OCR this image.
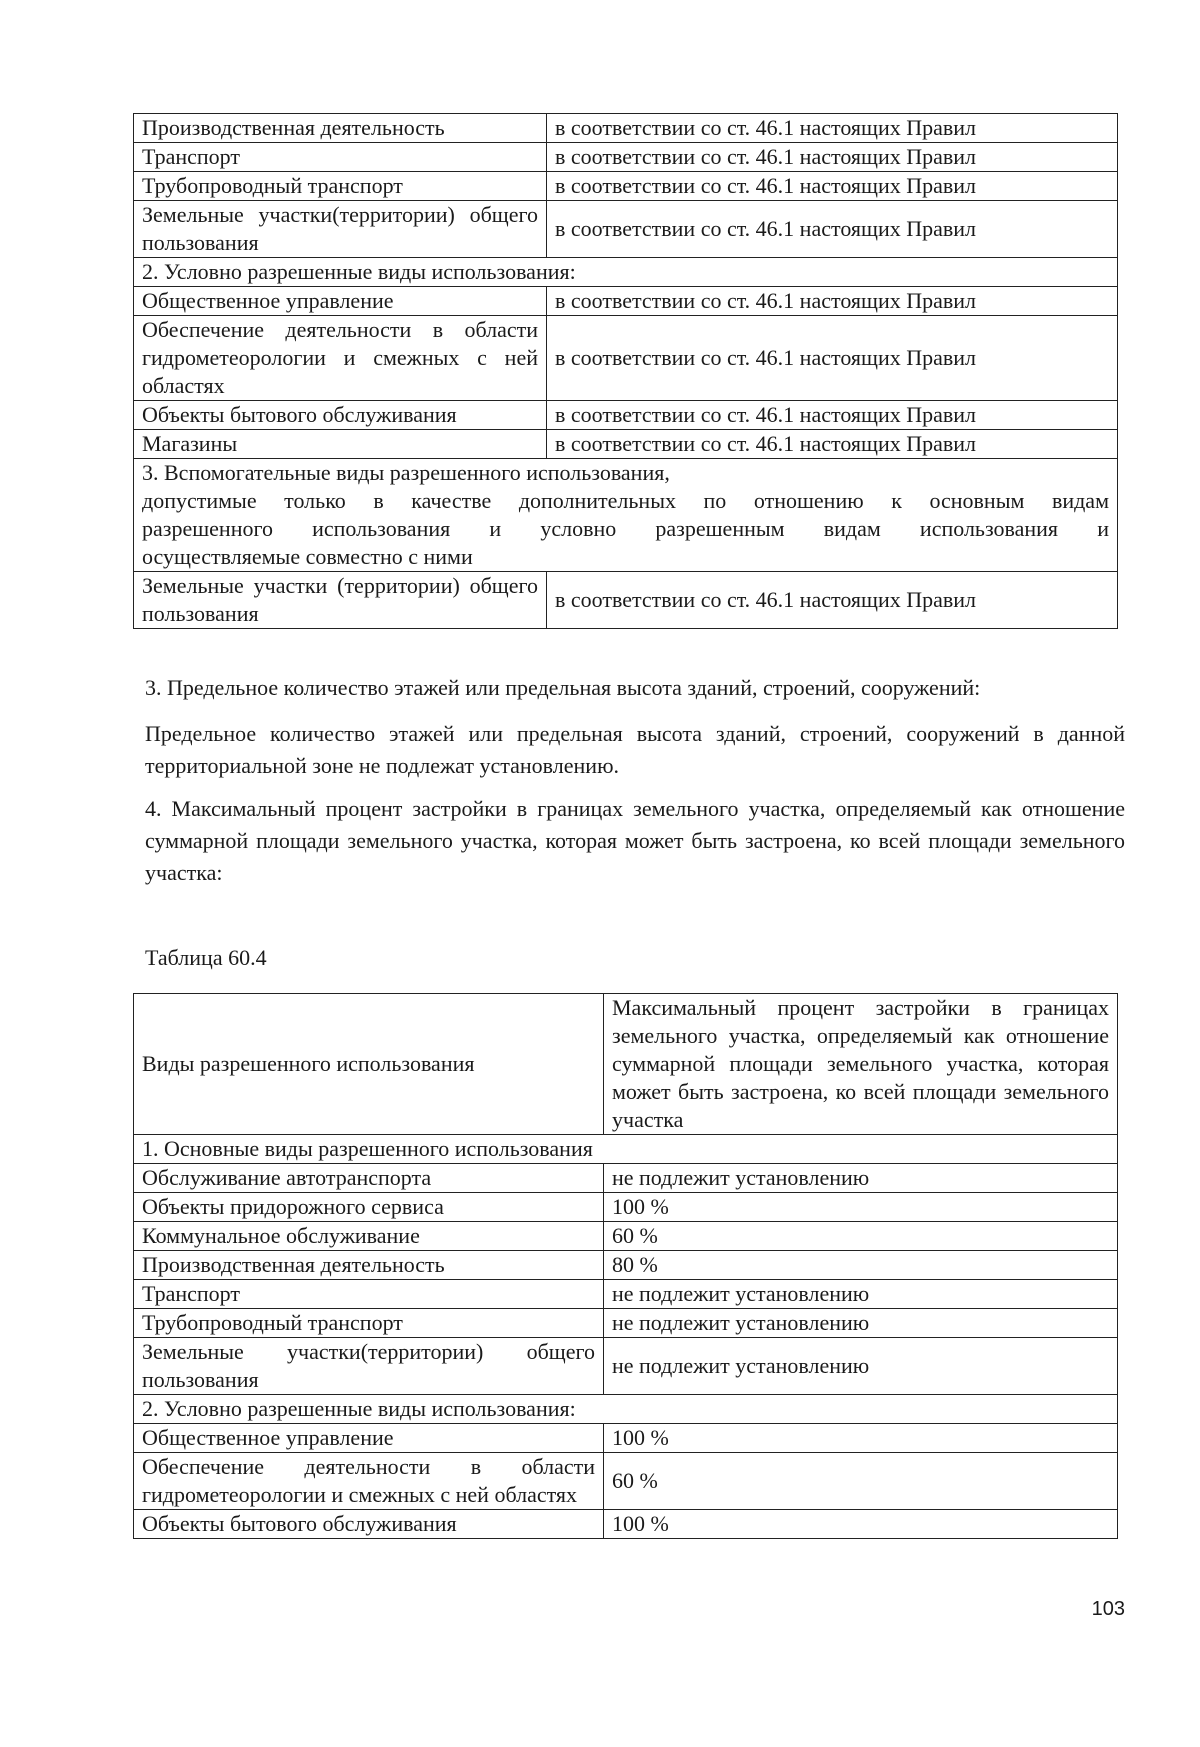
Производственная деятельность	в соответствии со ст. 46.1 настоящих Правил
Транспорт	в соответствии со ст. 46.1 настоящих Правил
Трубопроводный транспорт	в соответствии со ст. 46.1 настоящих Правил
Земельные участки(территории) общего пользования	в соответствии со ст. 46.1 настоящих Правил
2. Условно разрешенные виды использования:	
Общественное управление	в соответствии со ст. 46.1 настоящих Правил
Обеспечение деятельности в области гидрометеорологии и смежных с ней областях	в соответствии со ст. 46.1 настоящих Правил
Объекты бытового обслуживания	в соответствии со ст. 46.1 настоящих Правил
Магазины	в соответствии со ст. 46.1 настоящих Правил

3. Вспомогательные виды разрешенного использования,
допустимые только в качестве дополнительных по отношению к основным видам
разрешенного использования и условно разрешенным видам использования и
осуществляемые совместно с ними	

Земельные участки (территории) общего пользования	в соответствии со ст. 46.1 настоящих Правил
3. Предельное количество этажей или предельная высота зданий, строений, сооружений:
Предельное количество этажей или предельная высота зданий, строений, сооружений в данной территориальной зоне не подлежат установлению.
4. Максимальный процент застройки в границах земельного участка, определяемый как отношение суммарной площади земельного участка, которая может быть застроена, ко всей площади земельного участка:
Таблица 60.4
Виды разрешенного использования	Максимальный процент застройки в границах земельного участка, определяемый как отношение суммарной площади земельного участка, которая может быть застроена, ко всей площади земельного участка
1. Основные виды разрешенного использования	
Обслуживание автотранспорта	не подлежит установлению
Объекты придорожного сервиса	100 %
Коммунальное обслуживание	60 %
Производственная деятельность	80 %
Транспорт	не подлежит установлению
Трубопроводный транспорт	не подлежит установлению
Земельные участки(территории) общего пользования	не подлежит установлению
2. Условно разрешенные виды использования:	
Общественное управление	100 %
Обеспечение деятельности в области гидрометеорологии и смежных с ней областях	60 %
Объекты бытового обслуживания	100 %
103
